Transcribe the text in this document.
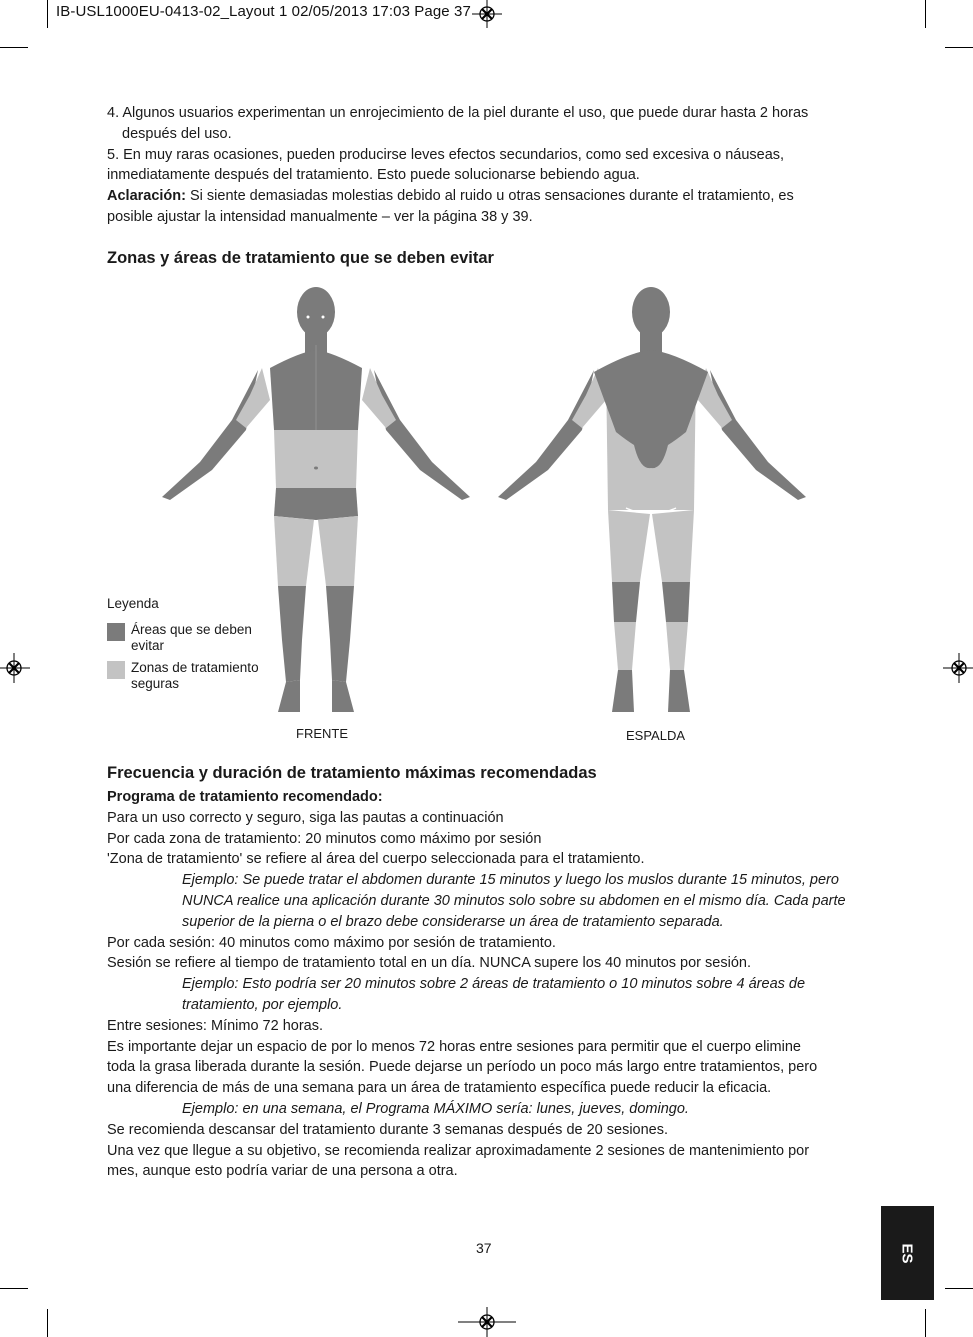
IB-USL1000EU-0413-02_Layout 1 02/05/2013 17:03 Page 37

4. Algunos usuarios experimentan un enrojecimiento de la piel durante el uso, que puede durar hasta 2 horas

después del uso.

5. En muy raras ocasiones, pueden producirse leves efectos secundarios, como sed excesiva o náuseas,

inmediatamente después del tratamiento. Esto puede solucionarse bebiendo agua.

Aclaración: Si siente demasiadas molestias debido al ruido u otras sensaciones durante el tratamiento, es

posible ajustar la intensidad manualmente – ver la página 38 y 39.

Zonas y áreas de tratamiento que se deben evitar
Leyenda
Áreas que se deben evitar
Zonas de tratamiento seguras
FRENTE	ESPALDA
Frecuencia y duración de tratamiento máximas recomendadas

Programa de tratamiento recomendado:

Para un uso correcto y seguro, siga las pautas a continuación

Por cada zona de tratamiento: 20 minutos como máximo por sesión

'Zona de tratamiento' se refiere al área del cuerpo seleccionada para el tratamiento.

Ejemplo: Se puede tratar el abdomen durante 15 minutos y luego los muslos durante 15 minutos, pero

NUNCA realice una aplicación durante 30 minutos solo sobre su abdomen en el mismo día. Cada parte

superior de la pierna o el brazo debe considerarse un área de tratamiento separada.

Por cada sesión: 40 minutos como máximo por sesión de tratamiento.

Sesión se refiere al tiempo de tratamiento total en un día. NUNCA supere los 40 minutos por sesión.

Ejemplo: Esto podría ser 20 minutos sobre 2 áreas de tratamiento o 10 minutos sobre 4 áreas de

tratamiento, por ejemplo.

Entre sesiones: Mínimo 72 horas.

Es importante dejar un espacio de por lo menos 72 horas entre sesiones para permitir que el cuerpo elimine

toda la grasa liberada durante la sesión. Puede dejarse un período un poco más largo entre tratamientos, pero

una diferencia de más de una semana para un área de tratamiento específica puede reducir la eficacia.

Ejemplo: en una semana, el Programa MÁXIMO sería: lunes, jueves, domingo.

Se recomienda descansar del tratamiento durante 3 semanas después de 20 sesiones.

Una vez que llegue a su objetivo, se recomienda realizar aproximadamente 2 sesiones de mantenimiento por

mes, aunque esto podría variar de una persona a otra.

37	ES
